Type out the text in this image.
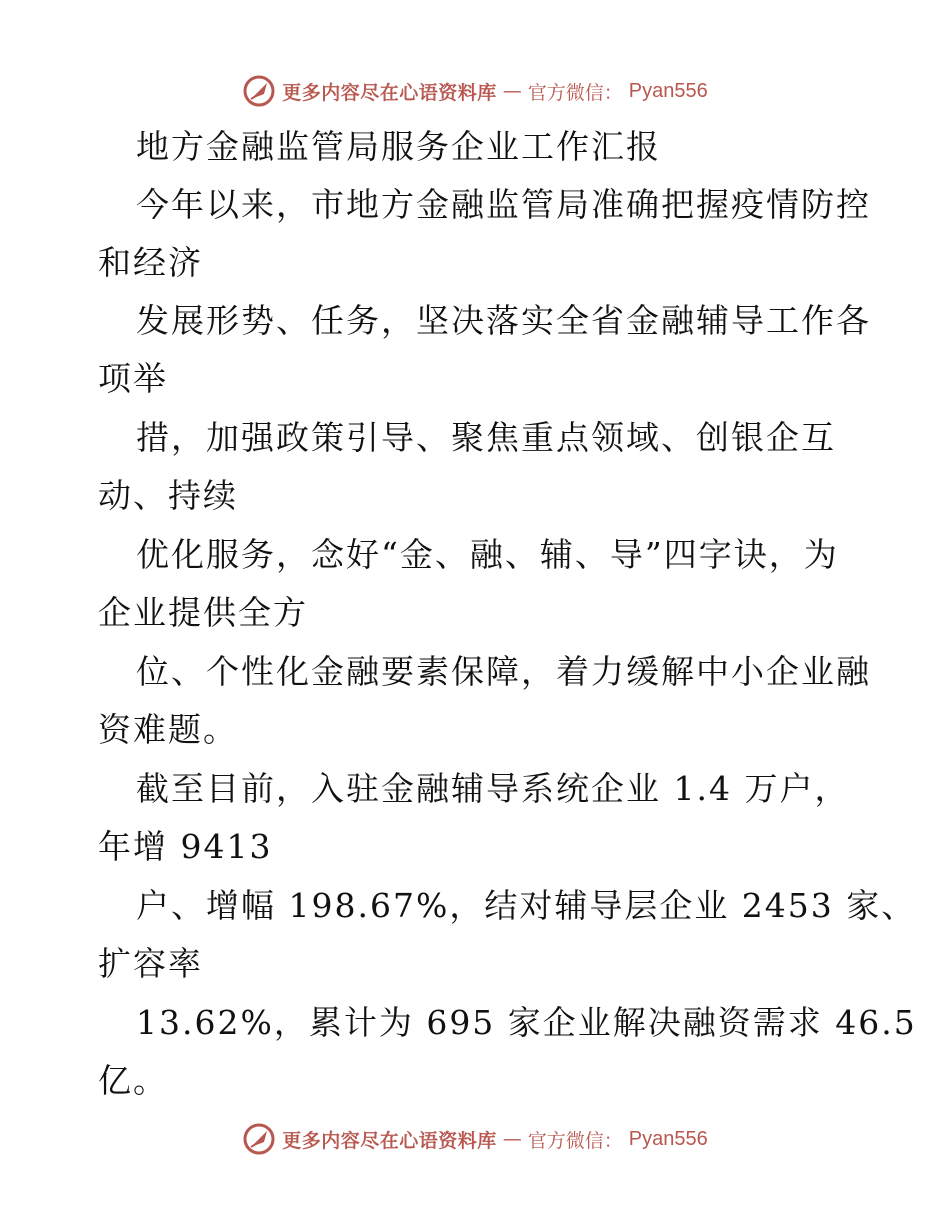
更多内容尽在心语资料库 — 官方微信： Pyan556
地方金融监管局服务企业工作汇报
今年以来，市地方金融监管局准确把握疫情防控
和经济
发展形势、任务，坚决落实全省金融辅导工作各
项举
措，加强政策引导、聚焦重点领域、创银企互
动、持续
优化服务，念好“金、融、辅、导”四字诀，为
企业提供全方
位、个性化金融要素保障，着力缓解中小企业融
资难题。
截至目前，入驻金融辅导系统企业 1.4 万户，
年增 9413
户、增幅 198.67%，结对辅导层企业 2453 家、
扩容率
13.62%，累计为 695 家企业解决融资需求 46.5
亿。
更多内容尽在心语资料库 — 官方微信： Pyan556
